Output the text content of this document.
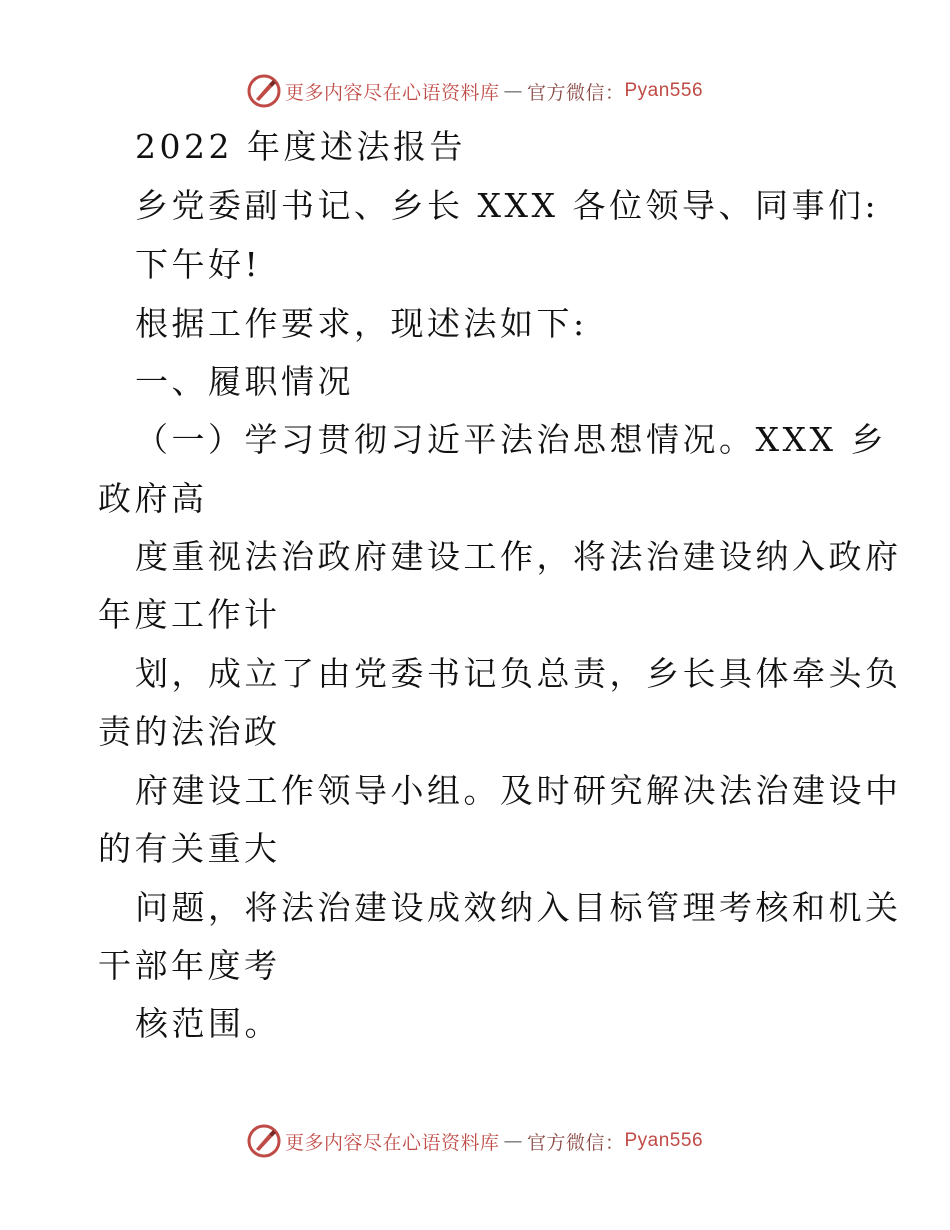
更多内容尽在心语资料库 — 官方微信： Pyan556
2022 年度述法报告
乡党委副书记、乡长 XXX 各位领导、同事们:
下午好!
根据工作要求，现述法如下:
一、履职情况
（一）学习贯彻习近平法治思想情况。XXX 乡
政府高
度重视法治政府建设工作，将法治建设纳入政府
年度工作计
划，成立了由党委书记负总责，乡长具体牵头负
责的法治政
府建设工作领导小组。及时研究解决法治建设中
的有关重大
问题，将法治建设成效纳入目标管理考核和机关
干部年度考
核范围。
更多内容尽在心语资料库 — 官方微信： Pyan556
